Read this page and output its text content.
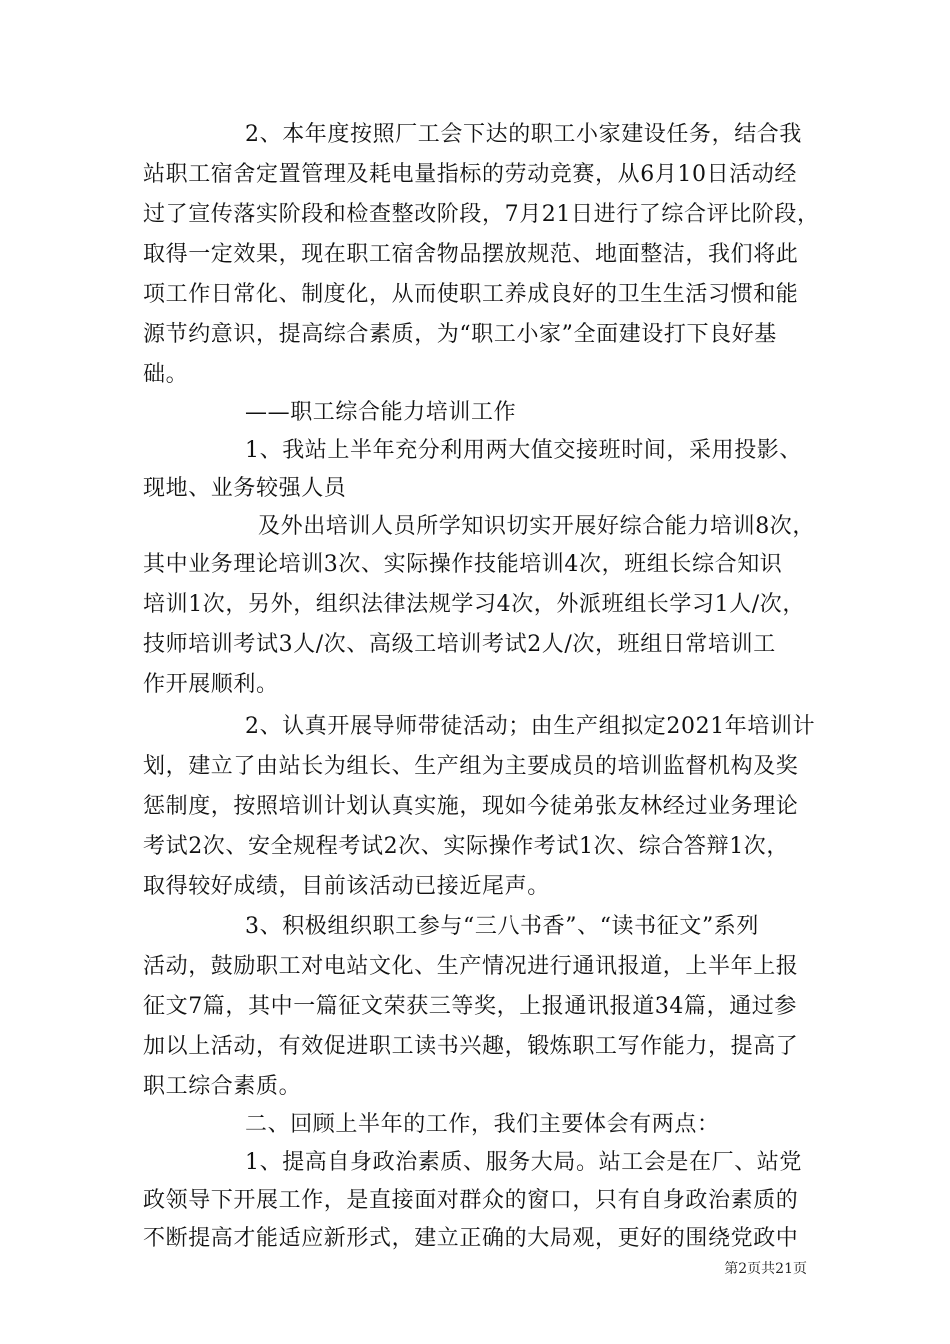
2、本年度按照厂工会下达的职工小家建设任务，结合我
站职工宿舍定置管理及耗电量指标的劳动竞赛，从6月10日活动经
过了宣传落实阶段和检查整改阶段，7月21日进行了综合评比阶段，
取得一定效果，现在职工宿舍物品摆放规范、地面整洁，我们将此
项工作日常化、制度化，从而使职工养成良好的卫生生活习惯和能
源节约意识，提高综合素质，为“职工小家”全面建设打下良好基
础。
——职工综合能力培训工作
1、我站上半年充分利用两大值交接班时间，采用投影、
现地、业务较强人员
及外出培训人员所学知识切实开展好综合能力培训8次，
其中业务理论培训3次、实际操作技能培训4次，班组长综合知识
培训1次，另外，组织法律法规学习4次，外派班组长学习1人/次，
技师培训考试3人/次、高级工培训考试2人/次，班组日常培训工
作开展顺利。
2、认真开展导师带徒活动；由生产组拟定2021年培训计
划，建立了由站长为组长、生产组为主要成员的培训监督机构及奖
惩制度，按照培训计划认真实施，现如今徒弟张友林经过业务理论
考试2次、安全规程考试2次、实际操作考试1次、综合答辩1次，
取得较好成绩，目前该活动已接近尾声。
3、积极组织职工参与“三八书香”、“读书征文”系列
活动，鼓励职工对电站文化、生产情况进行通讯报道，上半年上报
征文7篇，其中一篇征文荣获三等奖，上报通讯报道34篇，通过参
加以上活动，有效促进职工读书兴趣，锻炼职工写作能力，提高了
职工综合素质。
二、回顾上半年的工作，我们主要体会有两点：
1、提高自身政治素质、服务大局。站工会是在厂、站党
政领导下开展工作，是直接面对群众的窗口，只有自身政治素质的
不断提高才能适应新形式，建立正确的大局观，更好的围绕党政中
第2页共21页
